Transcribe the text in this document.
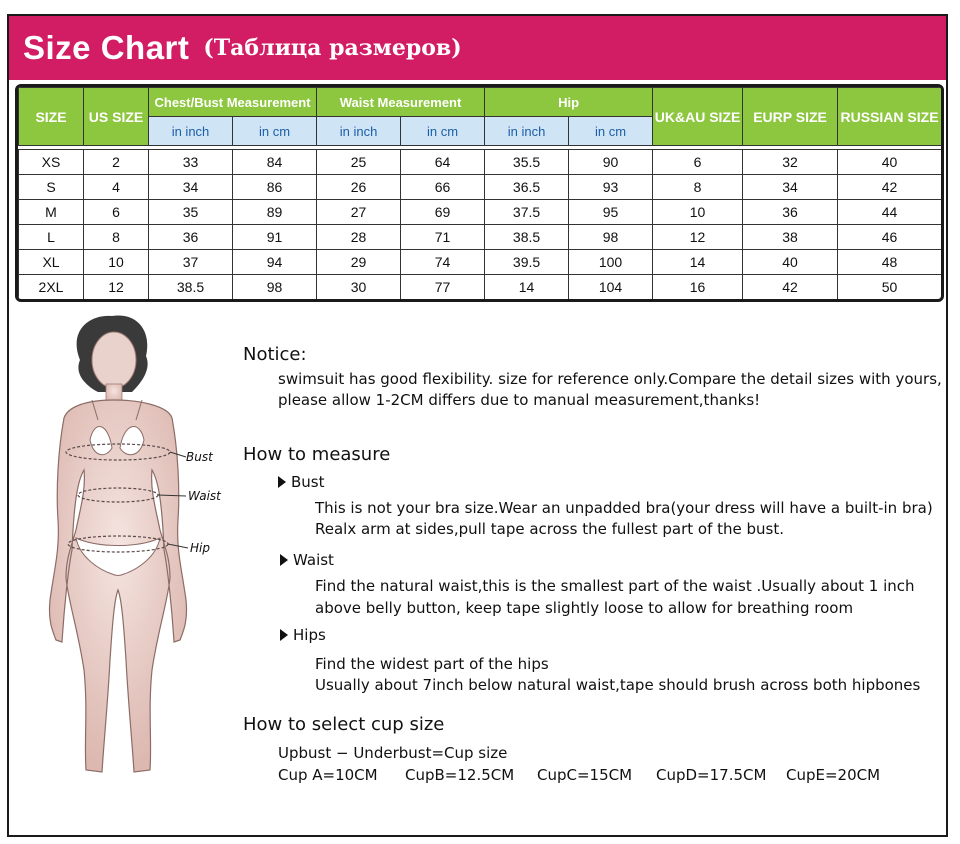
Size Chart (Таблица размеров)
SIZE	US SIZE	Chest/Bust Measurement		Waist Measurement		Hip		UK&AU SIZE	EURP SIZE	RUSSIAN SIZE
		in inch	in cm	in inch	in cm	in inch	in cm			

XS	2	33	84	25	64	35.5	90	6	32	40
S	4	34	86	26	66	36.5	93	8	34	42
M	6	35	89	27	69	37.5	95	10	36	44
L	8	36	91	28	71	38.5	98	12	38	46
XL	10	37	94	29	74	39.5	100	14	40	48
2XL	12	38.5	98	30	77	14	104	16	42	50
Bust
Waist
Hip
Notice:
swimsuit has good flexibility. size for reference only.Compare the detail sizes with yours,
please allow 1-2CM differs due to manual measurement,thanks!
How to measure
Bust
This is not your bra size.Wear an unpadded bra(your dress will have a built-in bra)
Realx arm at sides,pull tape across the fullest part of the bust.
Waist
Find the natural waist,this is the smallest part of the waist .Usually about 1 inch
above belly button, keep tape slightly loose to allow for breathing room
Hips
Find the widest part of the hips
Usually about 7inch below natural waist,tape should brush across both hipbones
How to select cup size
Upbust − Underbust=Cup size
Cup A=10CM CupB=12.5CM CupC=15CM CupD=17.5CM CupE=20CM
